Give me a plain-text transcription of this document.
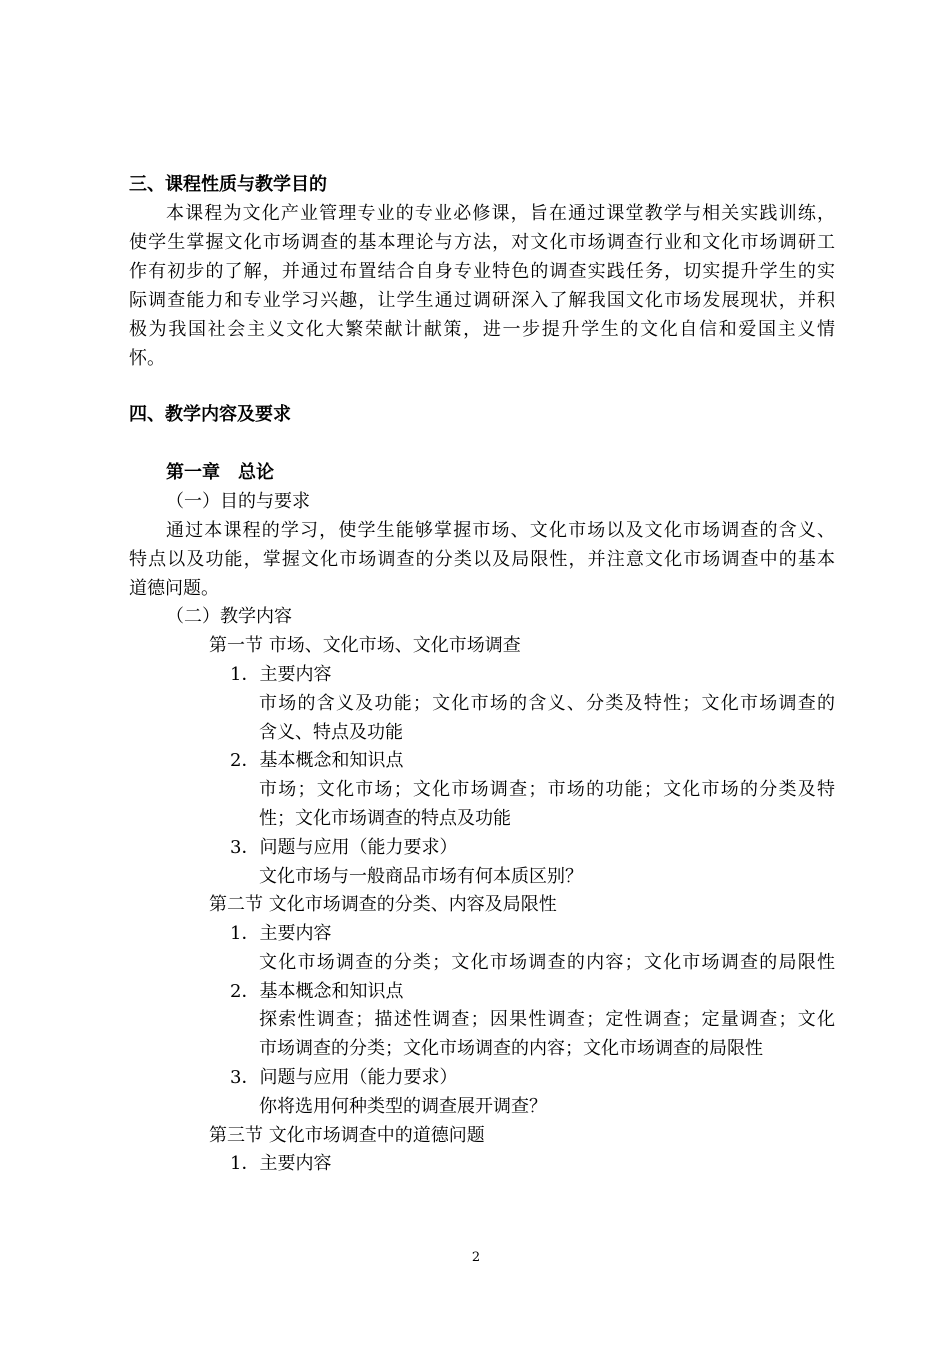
三、课程性质与教学目的
本课程为文化产业管理专业的专业必修课，旨在通过课堂教学与相关实践训练，
使学生掌握文化市场调查的基本理论与方法，对文化市场调查行业和文化市场调研工
作有初步的了解，并通过布置结合自身专业特色的调查实践任务，切实提升学生的实
际调查能力和专业学习兴趣，让学生通过调研深入了解我国文化市场发展现状，并积
极为我国社会主义文化大繁荣献计献策，进一步提升学生的文化自信和爱国主义情
怀。
四、教学内容及要求
第一章　总论
（一）目的与要求
通过本课程的学习，使学生能够掌握市场、文化市场以及文化市场调查的含义、
特点以及功能，掌握文化市场调查的分类以及局限性，并注意文化市场调查中的基本
道德问题。
（二）教学内容
第一节 市场、文化市场、文化市场调查
1．主要内容
市场的含义及功能；文化市场的含义、分类及特性；文化市场调查的
含义、特点及功能
2．基本概念和知识点
市场；文化市场；文化市场调查；市场的功能；文化市场的分类及特
性；文化市场调查的特点及功能
3．问题与应用（能力要求）
文化市场与一般商品市场有何本质区别？
第二节 文化市场调查的分类、内容及局限性
1．主要内容
文化市场调查的分类；文化市场调查的内容；文化市场调查的局限性
2．基本概念和知识点
探索性调查；描述性调查；因果性调查；定性调查；定量调查；文化
市场调查的分类；文化市场调查的内容；文化市场调查的局限性
3．问题与应用（能力要求）
你将选用何种类型的调查展开调查？
第三节 文化市场调查中的道德问题
1．主要内容
2
